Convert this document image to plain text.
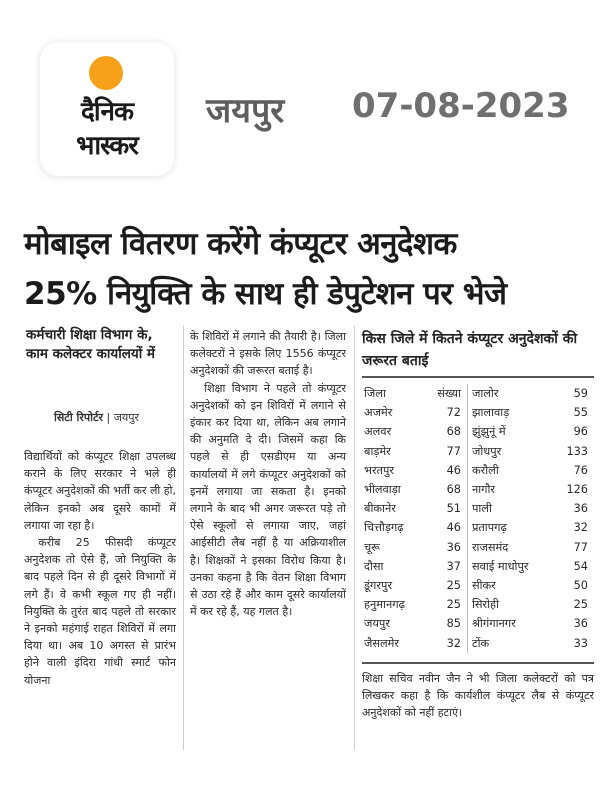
दैनिक
भास्कर
जयपुर 07-08-2023
मोबाइल वितरण करेंगे कंप्यूटर अनुदेशक
25% नियुक्ति के साथ ही डेपुटेशन पर भेजे
कर्मचारी शिक्षा विभाग के, काम कलेक्टर कार्यालयों में
सिटी रिपोर्टर | जयपुर

विद्यार्थियों को कंप्यूटर शिक्षा उपलब्ध कराने के लिए सरकार ने भले ही कंप्यूटर अनुदेशकों की भर्ती कर ली हो, लेकिन इनको अब दूसरे कामों में लगाया जा रहा है।

करीब 25 फीसदी कंप्यूटर अनुदेशक तो ऐसे हैं, जो नियुक्ति के बाद पहले दिन से ही दूसरे विभागों में लगे हैं। वे कभी स्कूल गए ही नहीं। नियुक्ति के तुरंत बाद पहले तो सरकार ने इनको महंगाई राहत शिविरों में लगा दिया था। अब 10 अगस्त से प्रारंभ होने वाली इंदिरा गांधी स्मार्ट फोन योजना

के शिविरों में लगाने की तैयारी है। जिला कलेक्टरों ने इसके लिए 1556 कंप्यूटर अनुदेशकों की जरूरत बताई है।

शिक्षा विभाग ने पहले तो कंप्यूटर अनुदेशकों को इन शिविरों में लगाने से इंकार कर दिया था, लेकिन अब लगाने की अनुमति दे दी। जिसमें कहा कि पहले से ही एसडीएम या अन्य कार्यालयों में लगे कंप्यूटर अनुदेशकों को इनमें लगाया जा सकता है। इनको लगाने के बाद भी अगर जरूरत पड़े तो ऐसे स्कूलों से लगाया जाए, जहां आईसीटी लैब नहीं है या अक्रियाशील है। शिक्षकों ने इसका विरोध किया है। उनका कहना है कि वेतन शिक्षा विभाग से उठा रहे हैं और काम दूसरे कार्यालयों में कर रहे हैं, यह गलत है।

किस जिले में कितने कंप्यूटर अनुदेशकों की जरूरत बताई
जिला	संख्या	जालोर	59
अजमेर	72	झालावाड़	55
अलवर	68	झुंझुनूं में	96
बाड़मेर	77	जोधपुर	133
भरतपुर	46	करौली	76
भीलवाड़ा	68	नागौर	126
बीकानेर	51	पाली	36
चित्तौड़गढ़	46	प्रतापगढ़	32
चूरू	36	राजसमंद	77
दौसा	37	सवाई माधोपुर	54
डूंगरपुर	25	सीकर	50
हनुमानगढ़	25	सिरोही	25
जयपुर	85	श्रीगंगानगर	36
जैसलमेर	32	टोंक	33

शिक्षा सचिव नवीन जैन ने भी जिला कलेक्टरों को पत्र लिखकर कहा है कि कार्यशील कंप्यूटर लैब से कंप्यूटर अनुदेशकों को नहीं हटाएं।
